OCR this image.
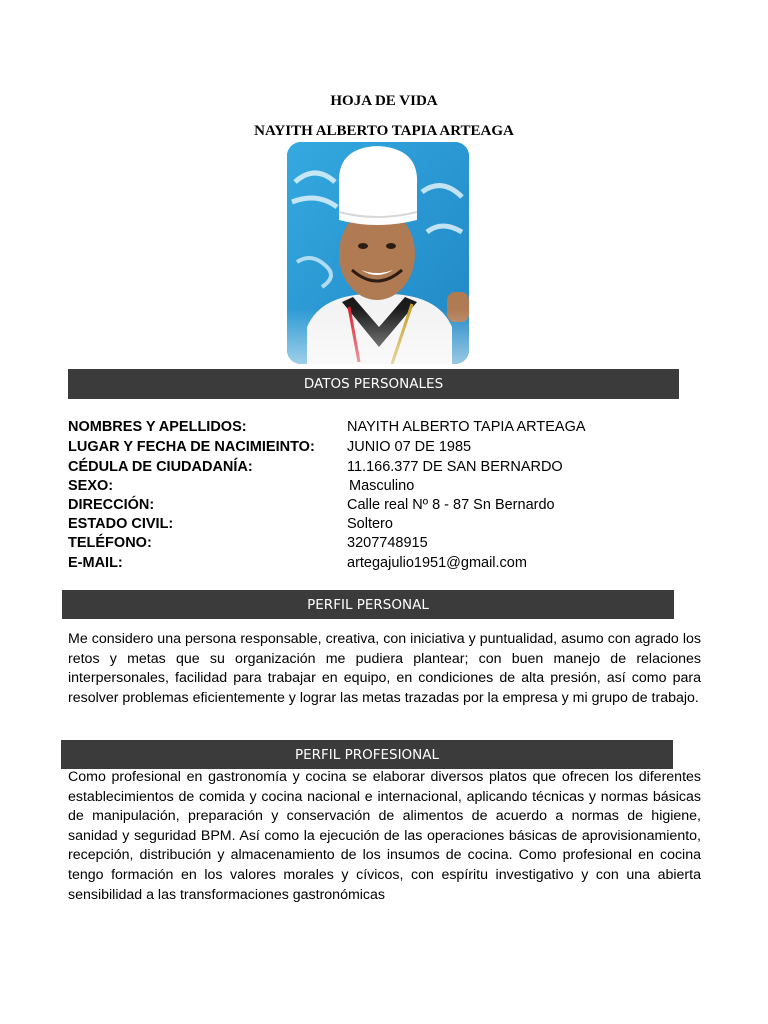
HOJA DE VIDA
NAYITH ALBERTO TAPIA ARTEAGA
DATOS PERSONALES
NOMBRES Y APELLIDOS:	NAYITH ALBERTO TAPIA ARTEAGA
LUGAR Y FECHA DE NACIMIEINTO: JUNIO 07 DE 1985
CÉDULA DE CIUDADANÍA:	11.166.377 DE SAN BERNARDO
SEXO:	Masculino
DIRECCIÓN:	Calle real Nº 8 - 87 Sn Bernardo
ESTADO CIVIL:	Soltero
TELÉFONO:	3207748915
E-MAIL:	artegajulio1951@gmail.com
PERFIL PERSONAL
Me considero una persona responsable, creativa, con iniciativa y puntualidad, asumo con agrado los retos y metas que su organización me pudiera plantear; con buen manejo de relaciones interpersonales, facilidad para trabajar en equipo, en condiciones de alta presión, así como para resolver problemas eficientemente y lograr las metas trazadas por la empresa y mi grupo de trabajo.
PERFIL PROFESIONAL
Como profesional en gastronomía y cocina se elaborar diversos platos que ofrecen los diferentes establecimientos de comida y cocina nacional e internacional, aplicando técnicas y normas básicas de manipulación, preparación y conservación de alimentos de acuerdo a normas de higiene, sanidad y seguridad BPM. Así como la ejecución de las operaciones básicas de aprovisionamiento, recepción, distribución y almacenamiento de los insumos de cocina. Como profesional en cocina tengo formación en los valores morales y cívicos, con espíritu investigativo y con una abierta sensibilidad a las transformaciones gastronómicas
